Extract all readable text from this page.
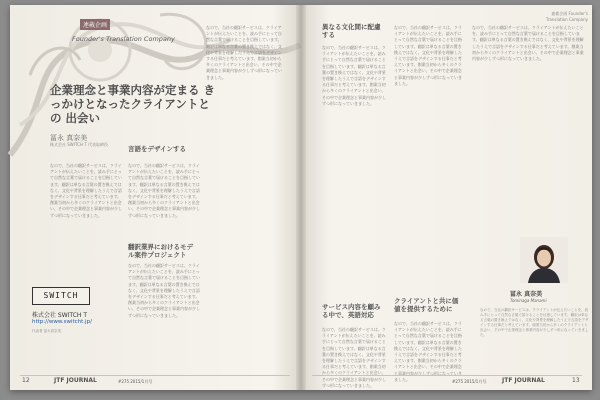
連載企画
Founder's Translation Company
企業理念と事業内容が定まる きっかけとなったクライアントとの 出会い
冨永 真奈美
株式会社 SWITCH T 代表取締役
なので、当社の翻訳サービスは、クライアントが伝えたいことを、読み手にとって自然な言葉で届けることを目指しています。翻訳は単なる言葉の置き換えではなく、文化や背景を理解したうえで言語をデザインする仕事だと考えています。創業当初から多くのクライアントと出会い、その中で企業理念と事業内容が少しずつ形になっていきました。
なので、当社の翻訳サービスは、クライアントが伝えたいことを、読み手にとって自然な言葉で届けることを目指しています。翻訳は単なる言葉の置き換えではなく、文化や背景を理解したうえで言語をデザインする仕事だと考えています。創業当初から多くのクライアントと出会い、その中で企業理念と事業内容が少しずつ形になっていきました。
言語をデザインする
翻訳業界におけるモデル案件プロジェクト
なので、当社の翻訳サービスは、クライアントが伝えたいことを、読み手にとって自然な言葉で届けることを目指しています。翻訳は単なる言葉の置き換えではなく、文化や背景を理解したうえで言語をデザインする仕事だと考えています。創業当初から多くのクライアントと出会い、その中で企業理念と事業内容が少しずつ形になっていきました。
なので、当社の翻訳サービスは、クライアントが伝えたいことを、読み手にとって自然な言葉で届けることを目指しています。翻訳は単なる言葉の置き換えではなく、文化や背景を理解したうえで言語をデザインする仕事だと考えています。創業当初から多くのクライアントと出会い、その中で企業理念と事業内容が少しずつ形になっていきました。
SWITCH
株式会社 SWITCH T
http://www.switcht.jp/
代表者 冨永真奈美
12	JTF JOURNAL	#275 2015/1月号
連載企画 Founder's Translation Company
異なる文化間に配慮する
なので、当社の翻訳サービスは、クライアントが伝えたいことを、読み手にとって自然な言葉で届けることを目指しています。翻訳は単なる言葉の置き換えではなく、文化や背景を理解したうえで言語をデザインする仕事だと考えています。創業当初から多くのクライアントと出会い、その中で企業理念と事業内容が少しずつ形になっていきました。
サービス内容を顧みる中で、英語対応
なので、当社の翻訳サービスは、クライアントが伝えたいことを、読み手にとって自然な言葉で届けることを目指しています。翻訳は単なる言葉の置き換えではなく、文化や背景を理解したうえで言語をデザインする仕事だと考えています。創業当初から多くのクライアントと出会い、その中で企業理念と事業内容が少しずつ形になっていきました。
なので、当社の翻訳サービスは、クライアントが伝えたいことを、読み手にとって自然な言葉で届けることを目指しています。翻訳は単なる言葉の置き換えではなく、文化や背景を理解したうえで言語をデザインする仕事だと考えています。創業当初から多くのクライアントと出会い、その中で企業理念と事業内容が少しずつ形になっていきました。
クライアントと共に価値を提供するために
なので、当社の翻訳サービスは、クライアントが伝えたいことを、読み手にとって自然な言葉で届けることを目指しています。翻訳は単なる言葉の置き換えではなく、文化や背景を理解したうえで言語をデザインする仕事だと考えています。創業当初から多くのクライアントと出会い、その中で企業理念と事業内容が少しずつ形になっていきました。
なので、当社の翻訳サービスは、クライアントが伝えたいことを、読み手にとって自然な言葉で届けることを目指しています。翻訳は単なる言葉の置き換えではなく、文化や背景を理解したうえで言語をデザインする仕事だと考えています。創業当初から多くのクライアントと出会い、その中で企業理念と事業内容が少しずつ形になっていきました。
冨永 真奈美
Tominaga Manami
なので、当社の翻訳サービスは、クライアントが伝えたいことを、読み手にとって自然な言葉で届けることを目指しています。翻訳は単なる言葉の置き換えではなく、文化や背景を理解したうえで言語をデザインする仕事だと考えています。創業当初から多くのクライアントと出会い、その中で企業理念と事業内容が少しずつ形になっていきました。
#275 2015/1月号	JTF JOURNAL	13
